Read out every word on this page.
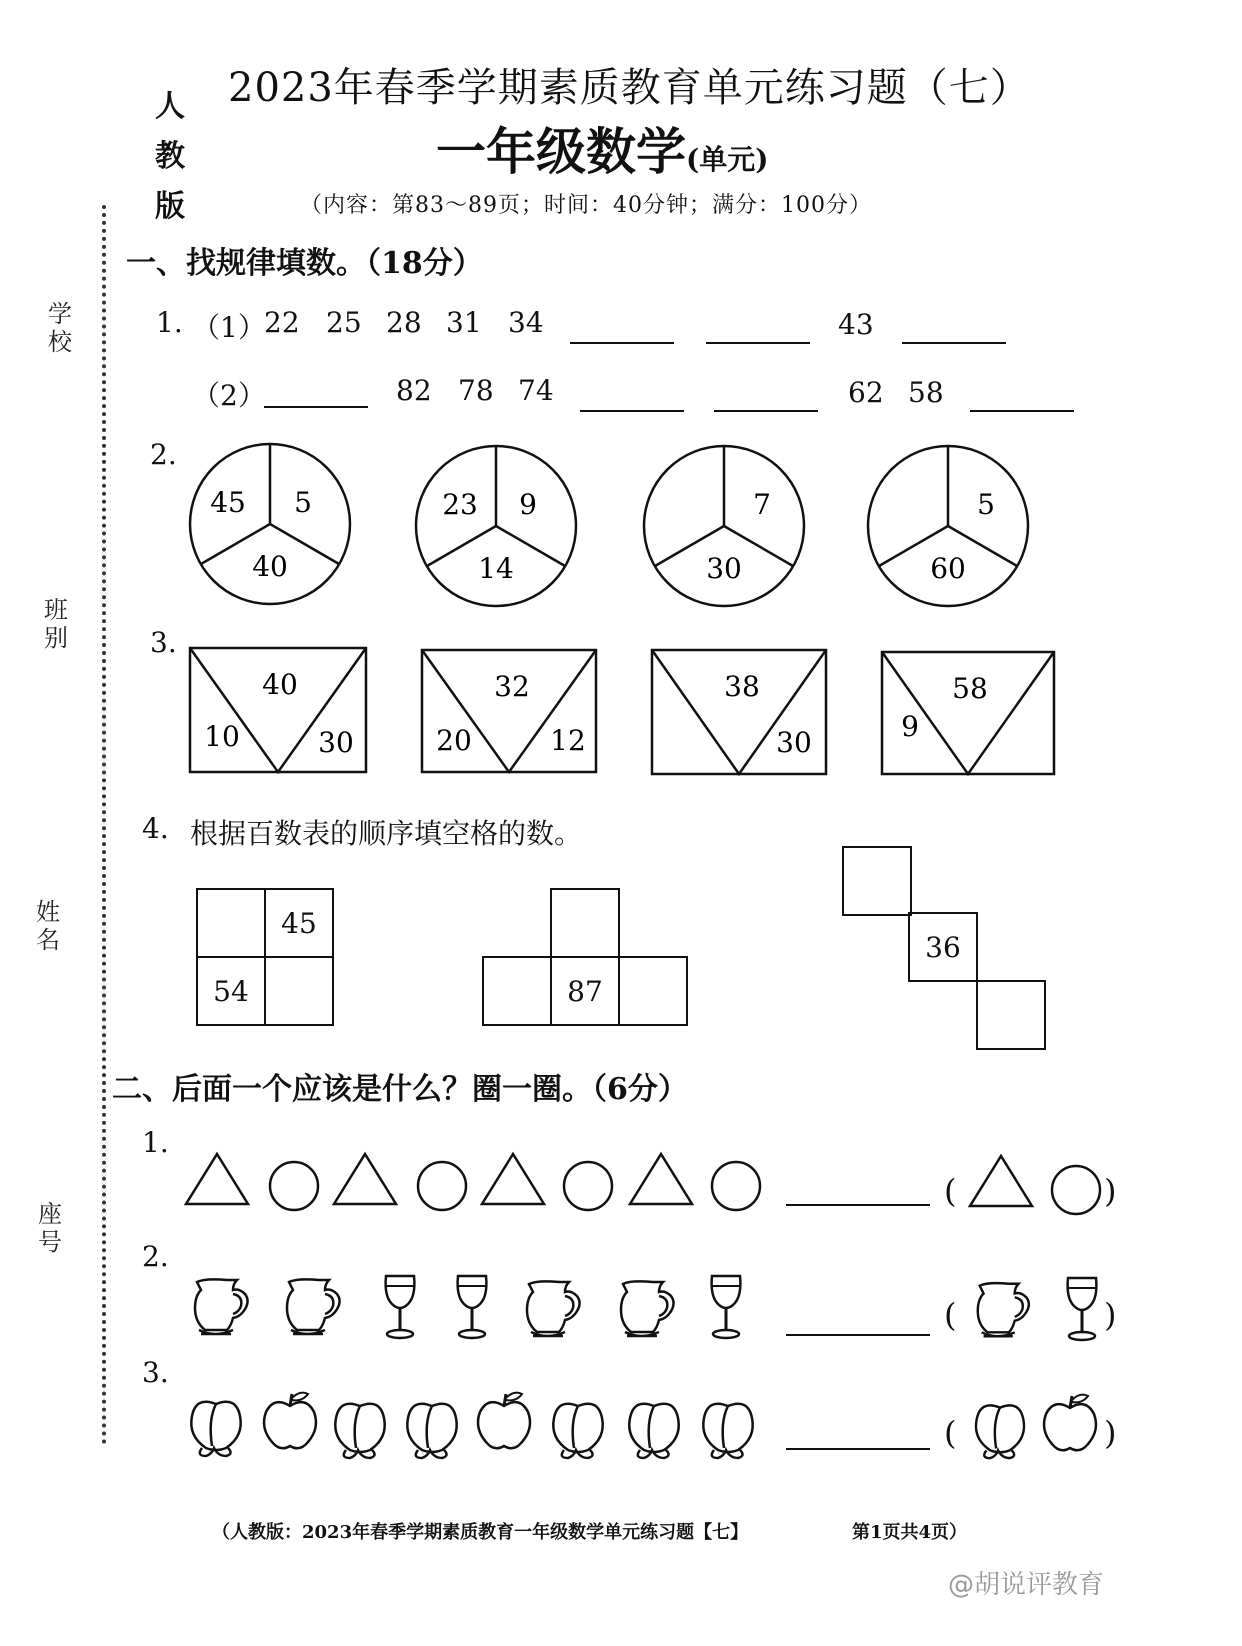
2023年春季学期素质教育单元练习题（七）
人
教
版
一年级数学(单元)
（内容：第83～89页；时间：40分钟；满分：100分）
学
校
班
别
姓
名
座
号
一、找规律填数。（18分）
1. （1）
22 25 28 31 34	43
（2）	82 78 74	62 58
2.
45 5
40
23 9
14
7
30
5
60
40
10	30
32
20	12
38
30
58
9
3.
4. 根据百数表的顺序填空格的数。
45
54	87
36
二、后面一个应该是什么？圈一圈。（6分）
1.
(	)
2.
(	)
3.
(	)
（人教版：2023年春季学期素质教育一年级数学单元练习题【七】	第1页共4页）
@胡说评教育
